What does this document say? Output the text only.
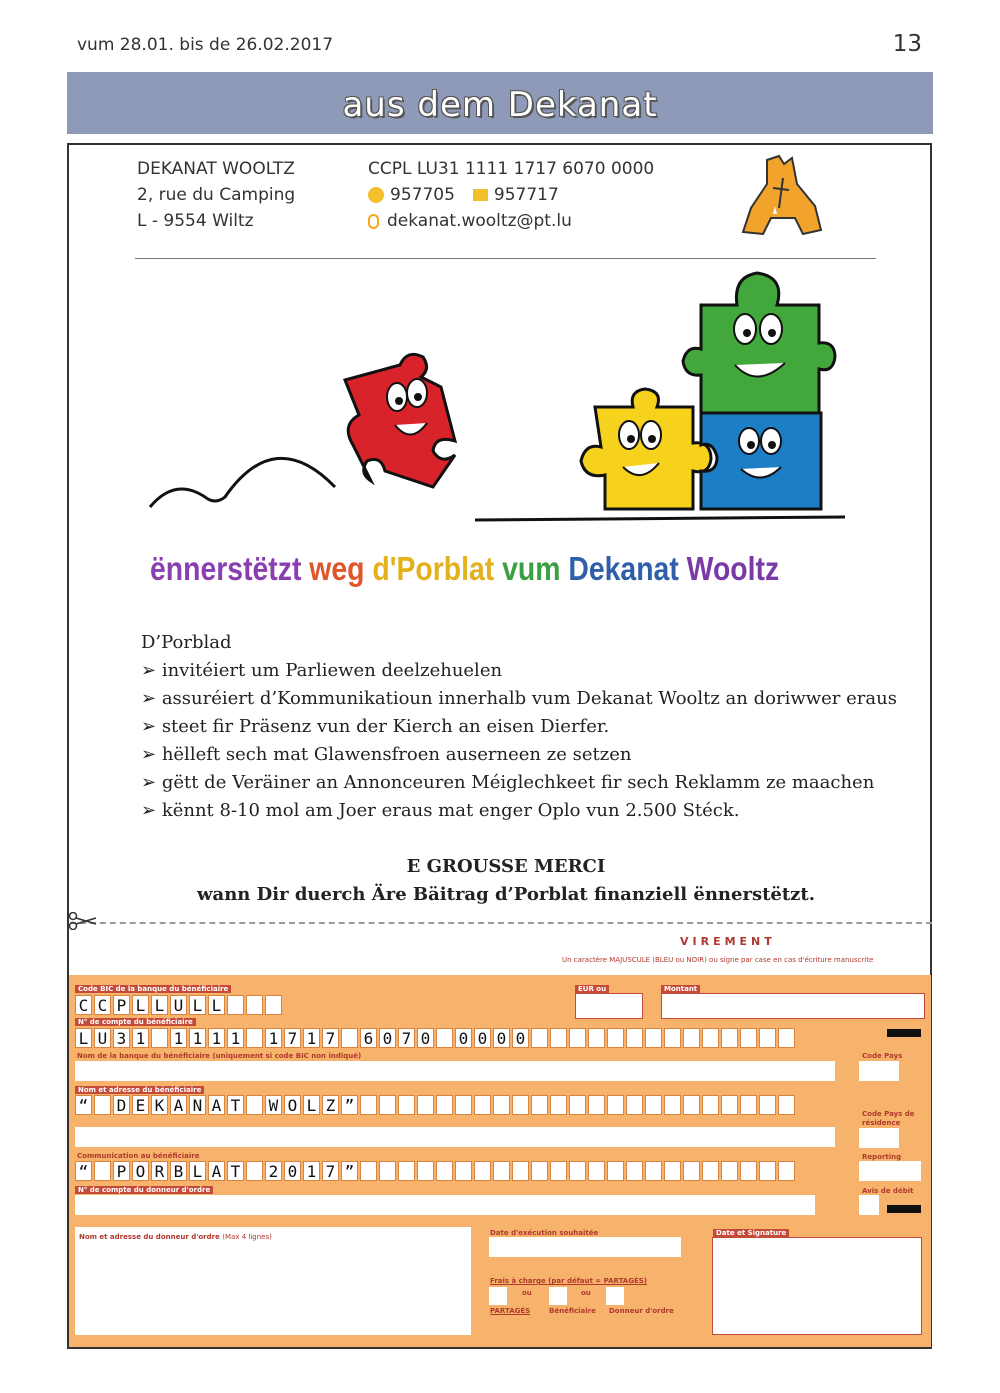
vum 28.01. bis de 26.02.2017	13
aus dem Dekanat
DEKANAT WOOLTZ
2, rue du Camping
L - 9554 Wiltz
CCPL LU31 1111 1717 6070 0000
957705 957717
dekanat.wooltz@pt.lu
ënnerstëtzt weg d'Porblat vum Dekanat Wooltz
D’Porblad
➢ invitéiert um Parliewen deelzehuelen
➢ assuréiert d’Kommunikatioun innerhalb vum Dekanat Wooltz an doriwwer eraus
➢ steet fir Präsenz vun der Kierch an eisen Dierfer.
➢ hëlleft sech mat Glawensfroen auserneen ze setzen
➢ gëtt de Veräiner an Annonceuren Méiglechkeet fir sech Reklamm ze maachen
➢ kënnt 8-10 mol am Joer eraus mat enger Oplo vun 2.500 Stéck.
E GROUSSE MERCI
wann Dir duerch Äre Bäitrag d’Porblat finanziell ënnerstëtzt.
VIREMENT
Un caractère MAJUSCULE (BLEU ou NOIR) ou signe par case en cas d'écriture manuscrite
Code BIC de la banque du bénéficiaire
C C P L L U L L
EUR ou	Montant
N° de compte du bénéficiaire
L U 3 1 1 1 1 1 1 7 1 7 6 0 7 0 0 0 0 0
Nom de la banque du bénéficiaire (uniquement si code BIC non indiqué)	Code Pays
Nom et adresse du bénéficiaire
“ D E K A N A T W O L Z ”	Code Pays de résidence
Communication au bénéficiaire
“ P O R B L A T 2 0 1 7 ”
Reporting
N° de compte du donneur d'ordre	Avis de débit
Nom et adresse du donneur d'ordre (Max 4 lignes)	Date d'exécution souhaitée
Frais à charge (par défaut = PARTAGÉS)
ou	ou
PARTAGÉS	Bénéficiaire Donneur d'ordre
Date et Signature
